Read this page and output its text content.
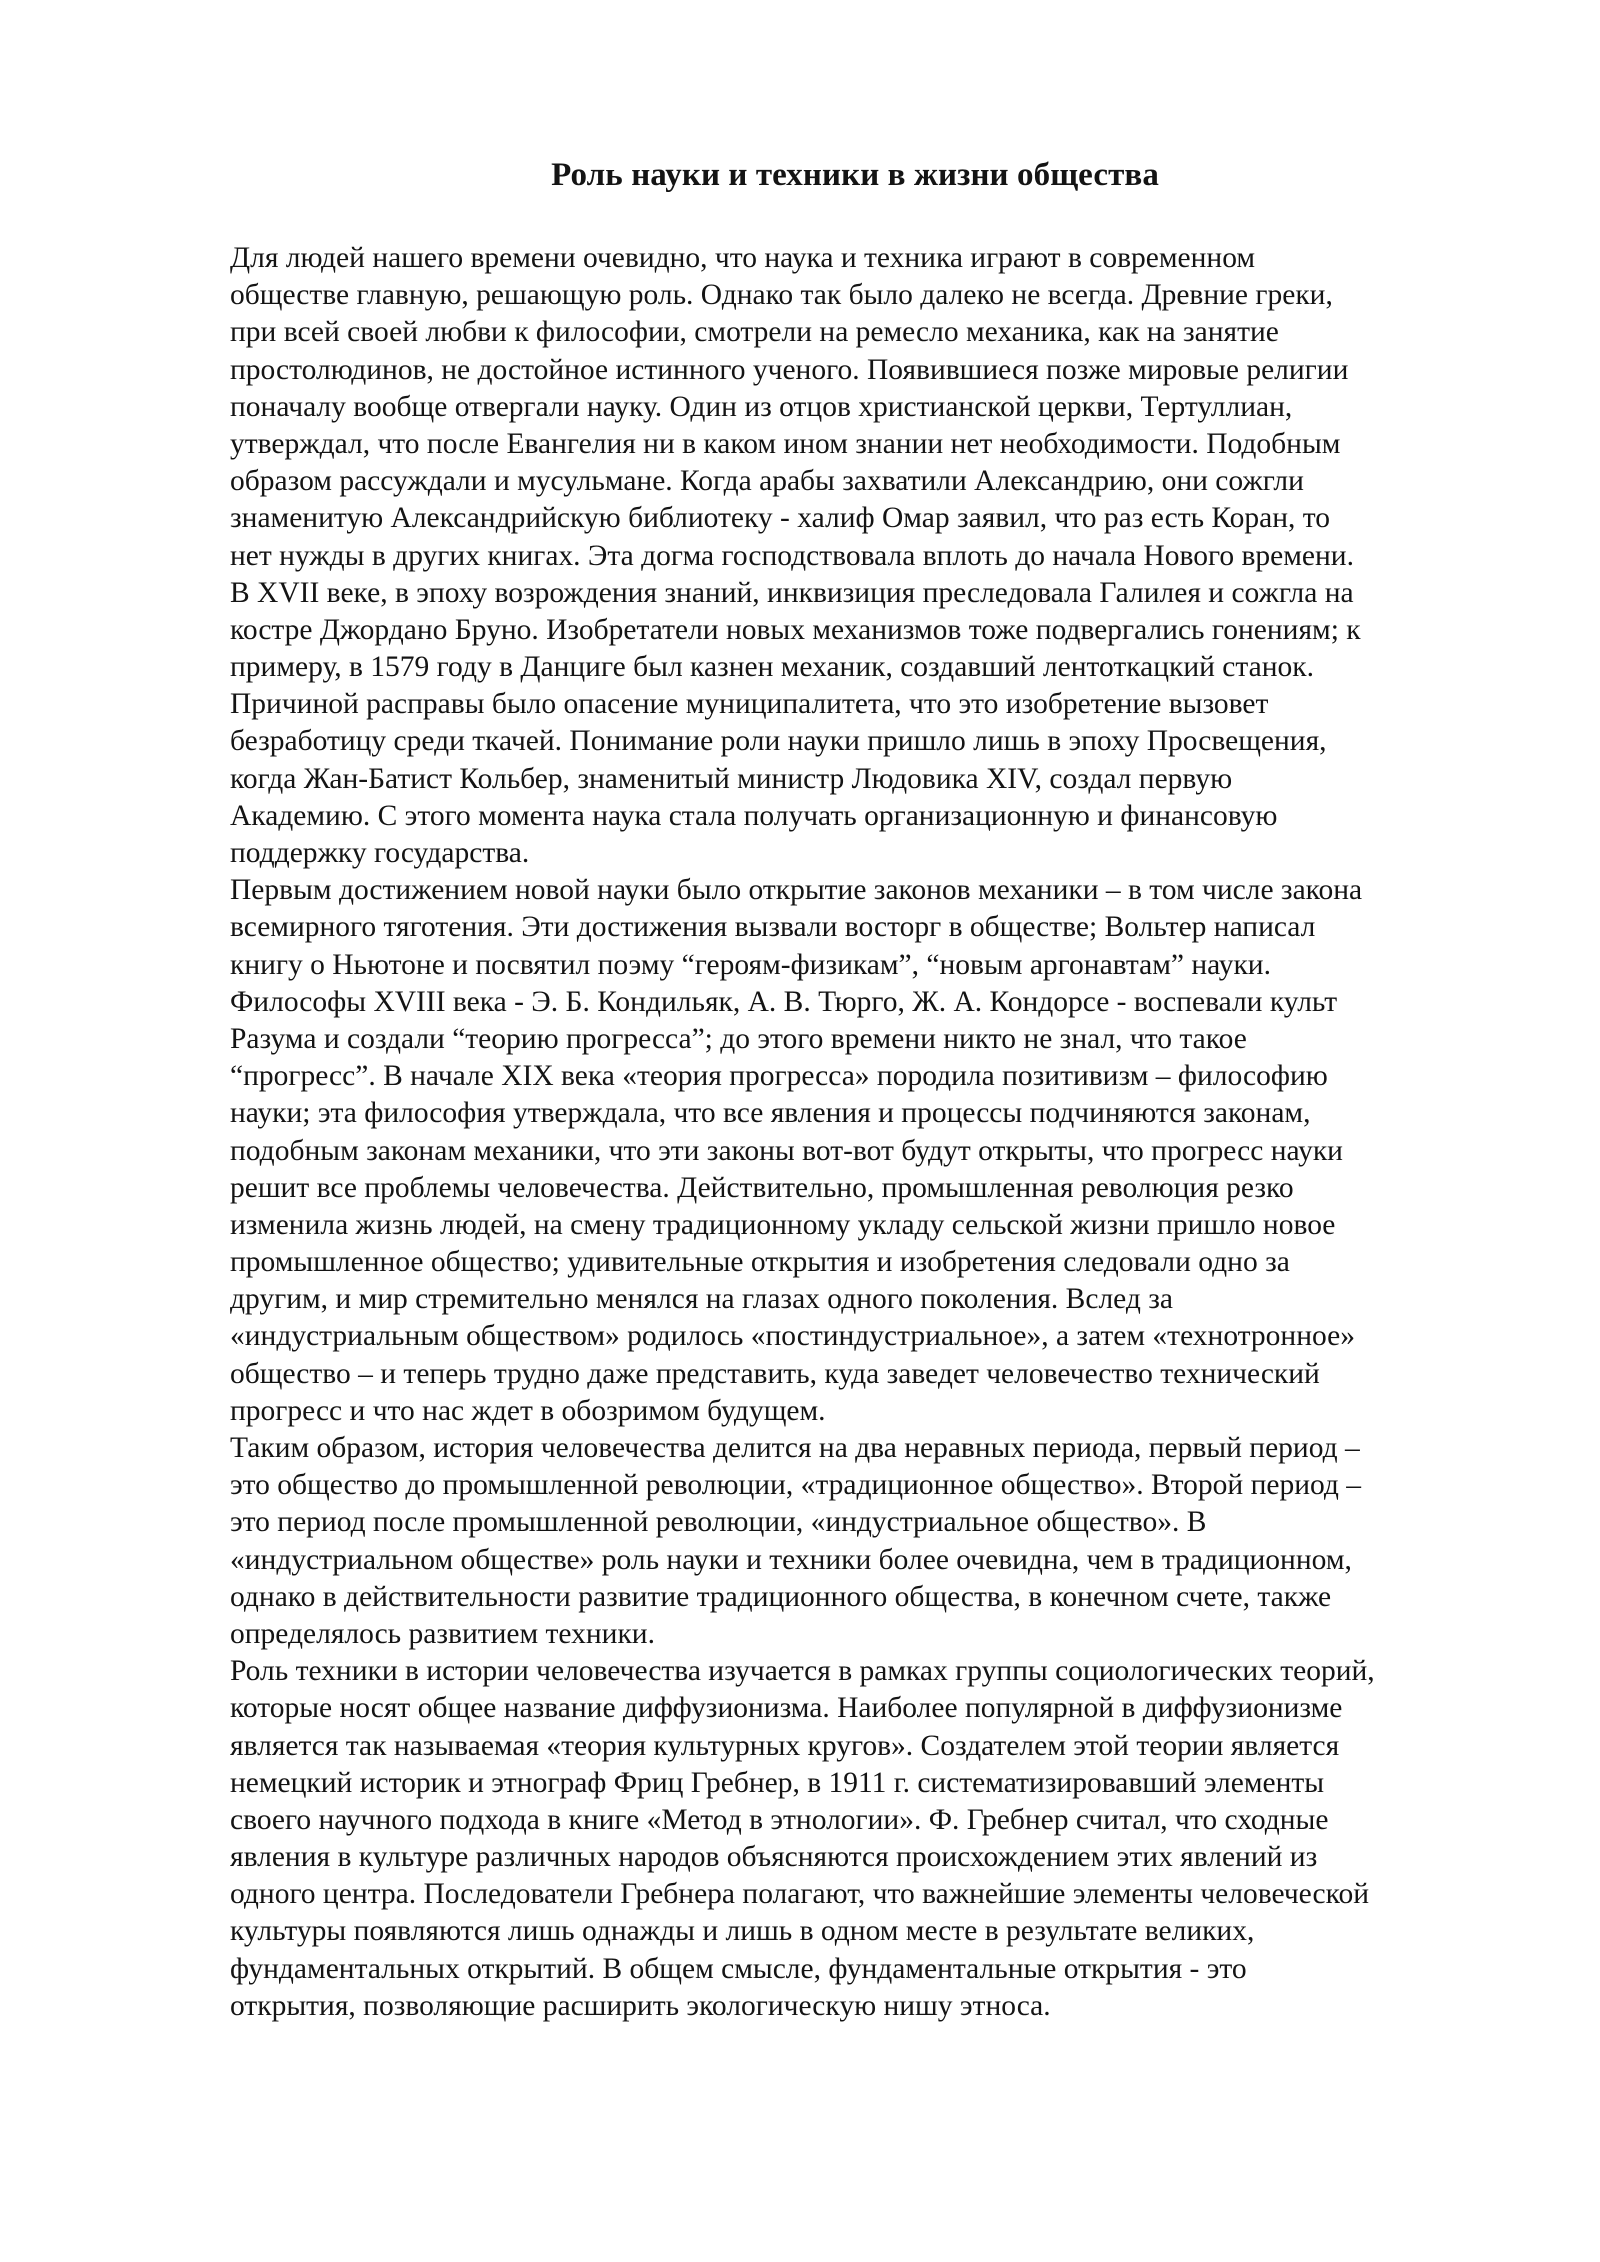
Роль науки и техники в жизни общества
Для людей нашего времени очевидно, что наука и техника играют в современном
обществе главную, решающую роль. Однако так было далеко не всегда. Древние греки,
при всей своей любви к философии, смотрели на ремесло механика, как на занятие
простолюдинов, не достойное истинного ученого. Появившиеся позже мировые религии
поначалу вообще отвергали науку. Один из отцов христианской церкви, Тертуллиан,
утверждал, что после Евангелия ни в каком ином знании нет необходимости. Подобным
образом рассуждали и мусульмане. Когда арабы захватили Александрию, они сожгли
знаменитую Александрийскую библиотеку - халиф Омар заявил, что раз есть Коран, то
нет нужды в других книгах. Эта догма господствовала вплоть до начала Нового времени.
В XVII веке, в эпоху возрождения знаний, инквизиция преследовала Галилея и сожгла на
костре Джордано Бруно. Изобретатели новых механизмов тоже подвергались гонениям; к
примеру, в 1579 году в Данциге был казнен механик, создавший лентоткацкий станок.
Причиной расправы было опасение муниципалитета, что это изобретение вызовет
безработицу среди ткачей. Понимание роли науки пришло лишь в эпоху Просвещения,
когда Жан-Батист Кольбер, знаменитый министр Людовика XIV, создал первую
Академию. С этого момента наука стала получать организационную и финансовую
поддержку государства.
Первым достижением новой науки было открытие законов механики – в том числе закона
всемирного тяготения. Эти достижения вызвали восторг в обществе; Вольтер написал
книгу о Ньютоне и посвятил поэму “героям-физикам”, “новым аргонавтам” науки.
Философы XVIII века - Э. Б. Кондильяк, А. В. Тюрго, Ж. А. Кондорсе - воспевали культ
Разума и создали “теорию прогресса”; до этого времени никто не знал, что такое
“прогресс”. В начале XIX века «теория прогресса» породила позитивизм – философию
науки; эта философия утверждала, что все явления и процессы подчиняются законам,
подобным законам механики, что эти законы вот-вот будут открыты, что прогресс науки
решит все проблемы человечества. Действительно, промышленная революция резко
изменила жизнь людей, на смену традиционному укладу сельской жизни пришло новое
промышленное общество; удивительные открытия и изобретения следовали одно за
другим, и мир стремительно менялся на глазах одного поколения. Вслед за
«индустриальным обществом» родилось «постиндустриальное», а затем «технотронное»
общество – и теперь трудно даже представить, куда заведет человечество технический
прогресс и что нас ждет в обозримом будущем.
Таким образом, история человечества делится на два неравных периода, первый период –
это общество до промышленной революции, «традиционное общество». Второй период –
это период после промышленной революции, «индустриальное общество». В
«индустриальном обществе» роль науки и техники более очевидна, чем в традиционном,
однако в действительности развитие традиционного общества, в конечном счете, также
определялось развитием техники.
Роль техники в истории человечества изучается в рамках группы социологических теорий,
которые носят общее название диффузионизма. Наиболее популярной в диффузионизме
является так называемая «теория культурных кругов». Создателем этой теории является
немецкий историк и этнограф Фриц Гребнер, в 1911 г. систематизировавший элементы
своего научного подхода в книге «Метод в этнологии». Ф. Гребнер считал, что сходные
явления в культуре различных народов объясняются происхождением этих явлений из
одного центра. Последователи Гребнера полагают, что важнейшие элементы человеческой
культуры появляются лишь однажды и лишь в одном месте в результате великих,
фундаментальных открытий. В общем смысле, фундаментальные открытия - это
открытия, позволяющие расширить экологическую нишу этноса.
